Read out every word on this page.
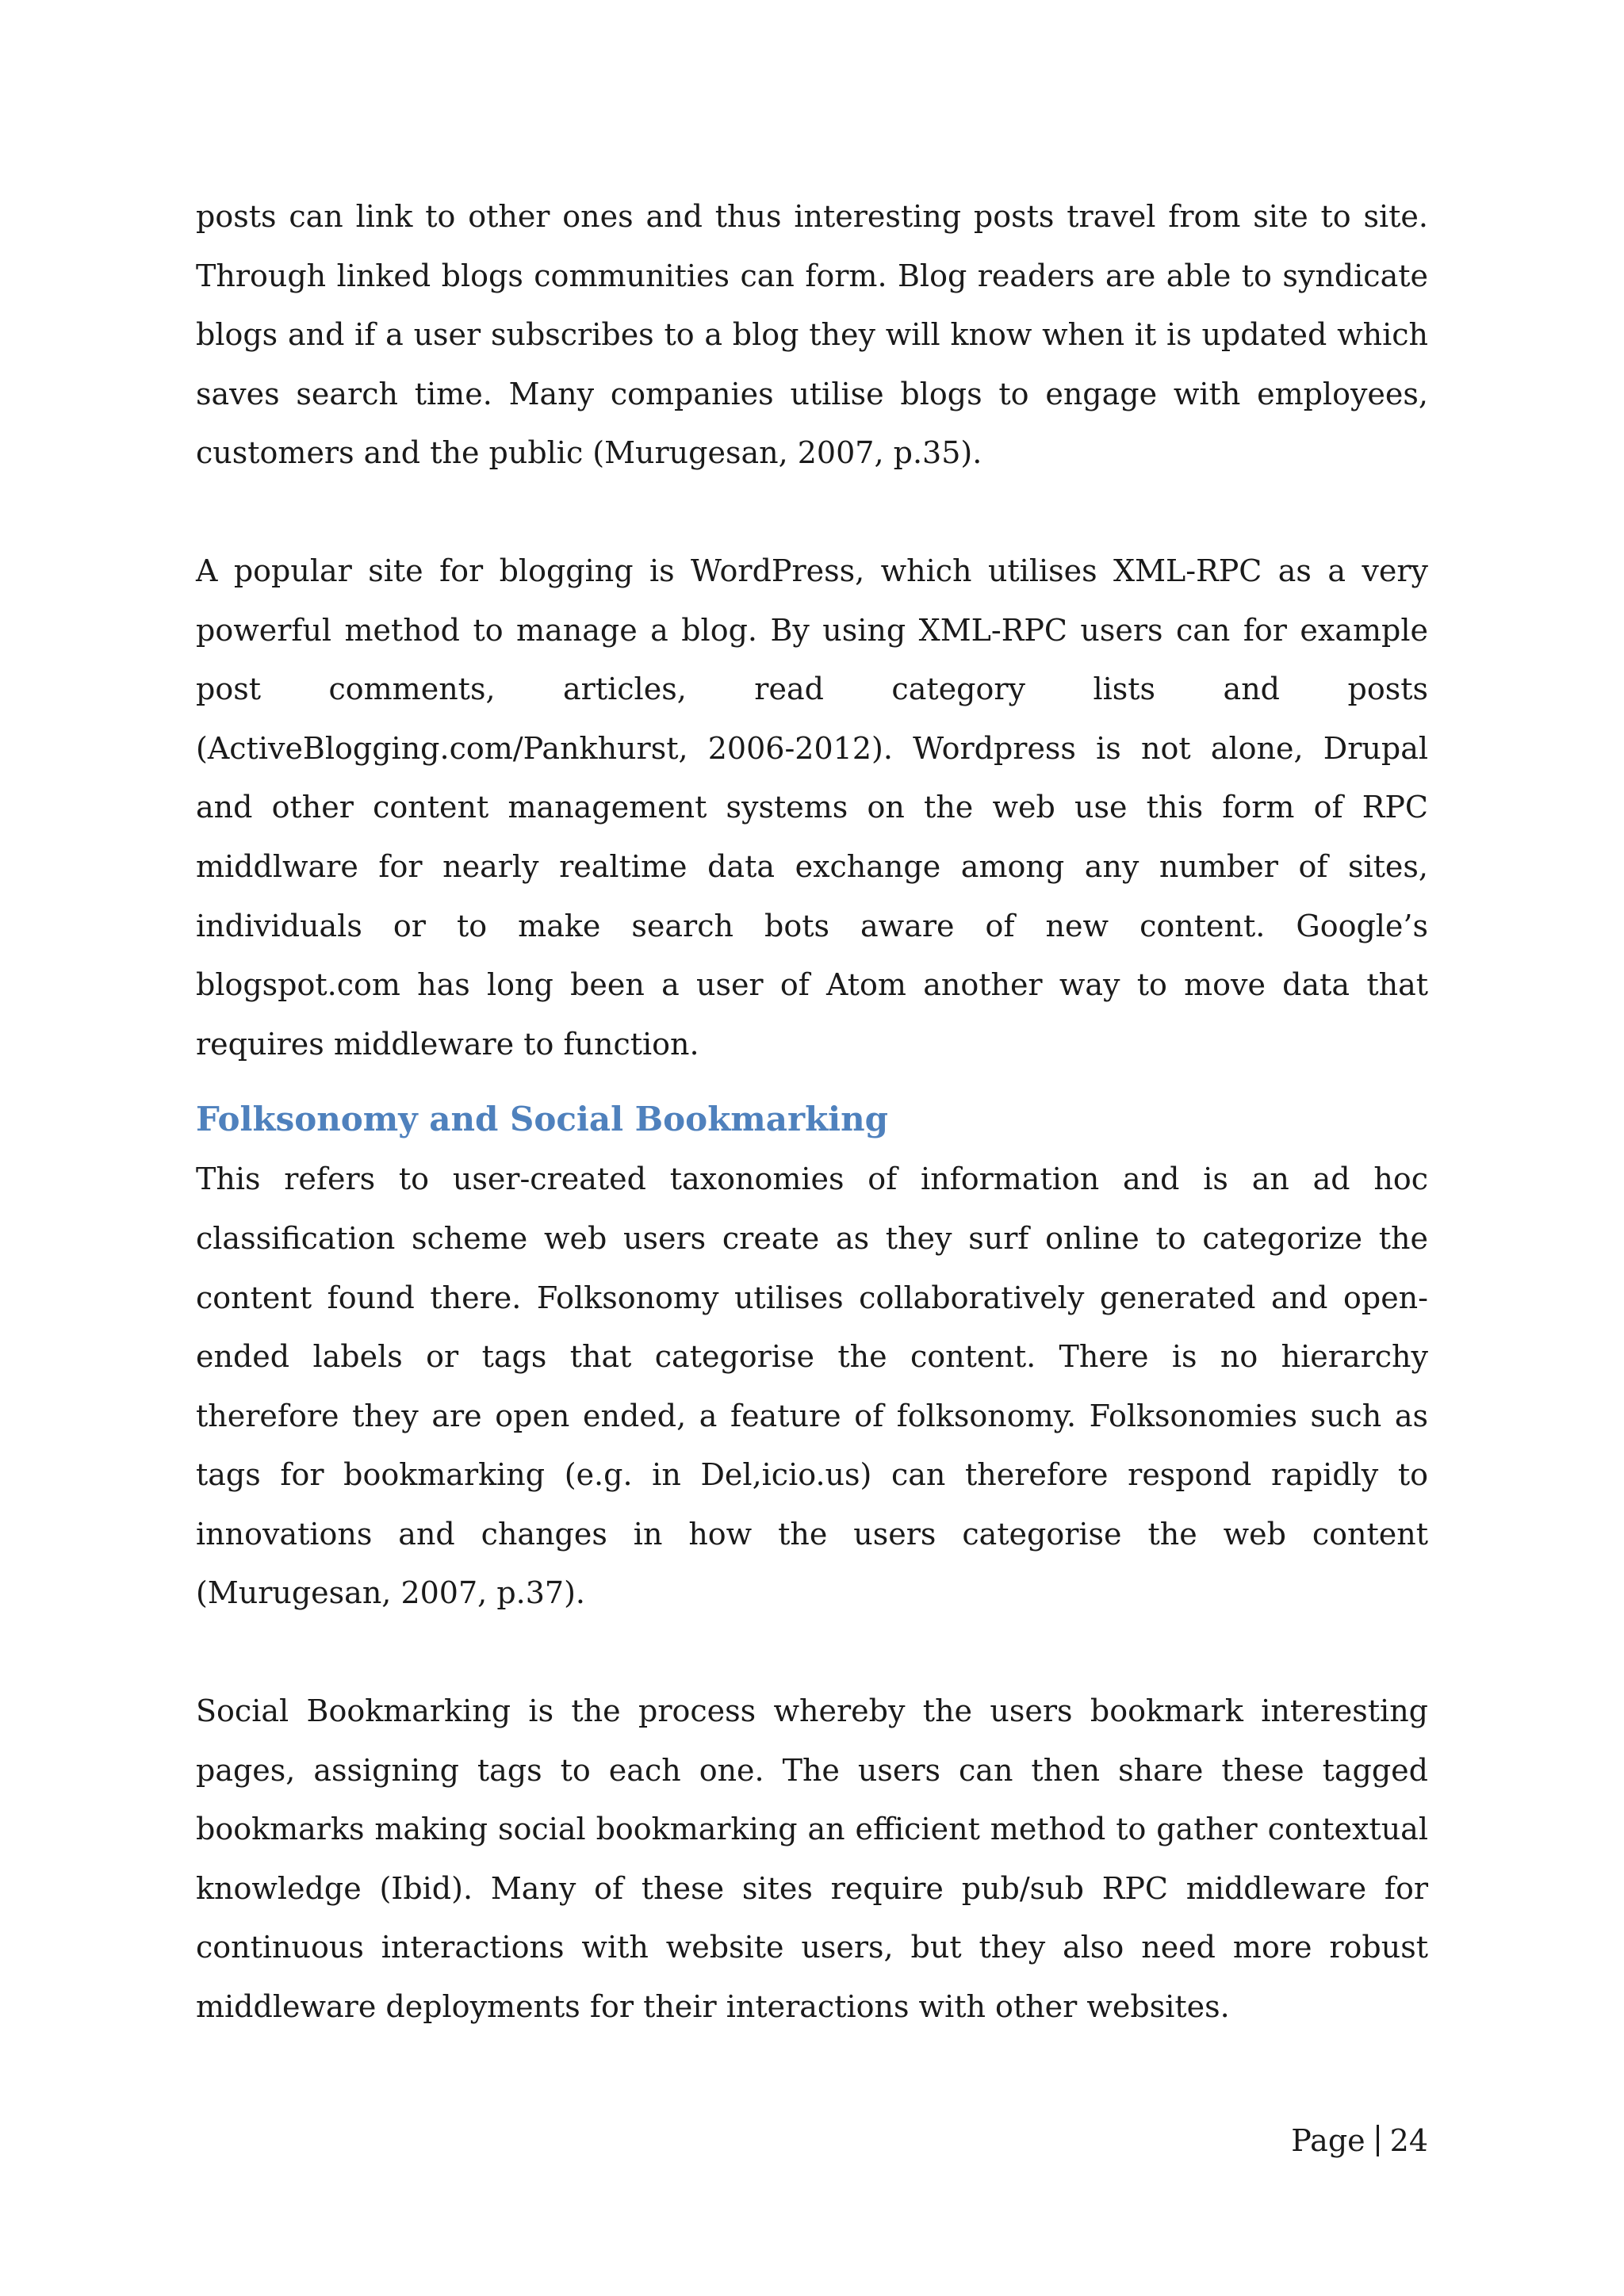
posts can link to other ones and thus interesting posts travel from site to site. Through linked blogs communities can form. Blog readers are able to syndicate blogs and if a user subscribes to a blog they will know when it is updated which saves search time. Many companies utilise blogs to engage with employees, customers and the public (Murugesan, 2007, p.35).

A popular site for blogging is WordPress, which utilises XML-RPC as a very powerful method to manage a blog. By using XML-RPC users can for example post comments, articles, read category lists and posts (ActiveBlogging.com/Pankhurst, 2006-2012). Wordpress is not alone, Drupal and other content management systems on the web use this form of RPC middlware for nearly realtime data exchange among any number of sites, individuals or to make search bots aware of new content. Google’s blogspot.com has long been a user of Atom another way to move data that requires middleware to function.

Folksonomy and Social Bookmarking

This refers to user-created taxonomies of information and is an ad hoc classification scheme web users create as they surf online to categorize the content found there. Folksonomy utilises collaboratively generated and open-ended labels or tags that categorise the content. There is no hierarchy therefore they are open ended, a feature of folksonomy. Folksonomies such as tags for bookmarking (e.g. in Del,icio.us) can therefore respond rapidly to innovations and changes in how the users categorise the web content (Murugesan, 2007, p.37).

Social Bookmarking is the process whereby the users bookmark interesting pages, assigning tags to each one. The users can then share these tagged bookmarks making social bookmarking an efficient method to gather contextual knowledge (Ibid). Many of these sites require pub/sub RPC middleware for continuous interactions with website users, but they also need more robust middleware deployments for their interactions with other websites.

Page 24
